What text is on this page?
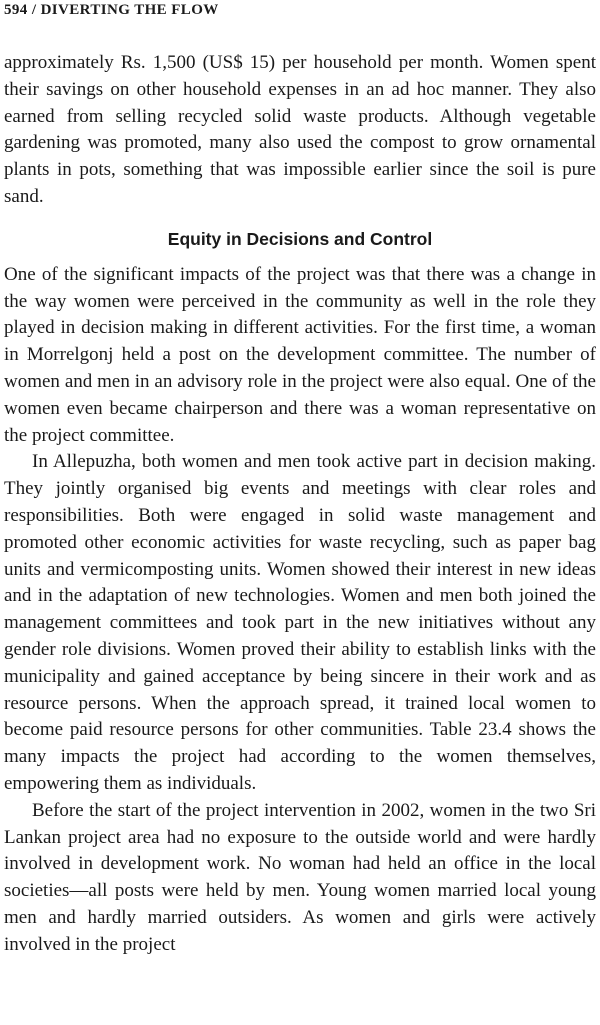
594 / DIVERTING THE FLOW

approximately Rs. 1,500 (US$ 15) per household per month. Women spent their savings on other household expenses in an ad hoc manner. They also earned from selling recycled solid waste products. Although vegetable gardening was promoted, many also used the compost to grow ornamental plants in pots, something that was impossible earlier since the soil is pure sand.

Equity in Decisions and Control

One of the significant impacts of the project was that there was a change in the way women were perceived in the community as well in the role they played in decision making in different activities. For the first time, a woman in Morrelgonj held a post on the development committee. The number of women and men in an advisory role in the project were also equal. One of the women even became chairperson and there was a woman representative on the project committee.

In Allepuzha, both women and men took active part in decision making. They jointly organised big events and meetings with clear roles and responsibilities. Both were engaged in solid waste management and promoted other economic activities for waste recycling, such as paper bag units and vermicomposting units. Women showed their interest in new ideas and in the adaptation of new technologies. Women and men both joined the management committees and took part in the new initiatives without any gender role divisions. Women proved their ability to establish links with the municipality and gained acceptance by being sincere in their work and as resource persons. When the approach spread, it trained local women to become paid resource persons for other communities. Table 23.4 shows the many impacts the project had according to the women themselves, empowering them as individuals.

Before the start of the project intervention in 2002, women in the two Sri Lankan project area had no exposure to the outside world and were hardly involved in development work. No woman had held an office in the local societies—all posts were held by men. Young women married local young men and hardly married outsiders. As women and girls were actively involved in the project
